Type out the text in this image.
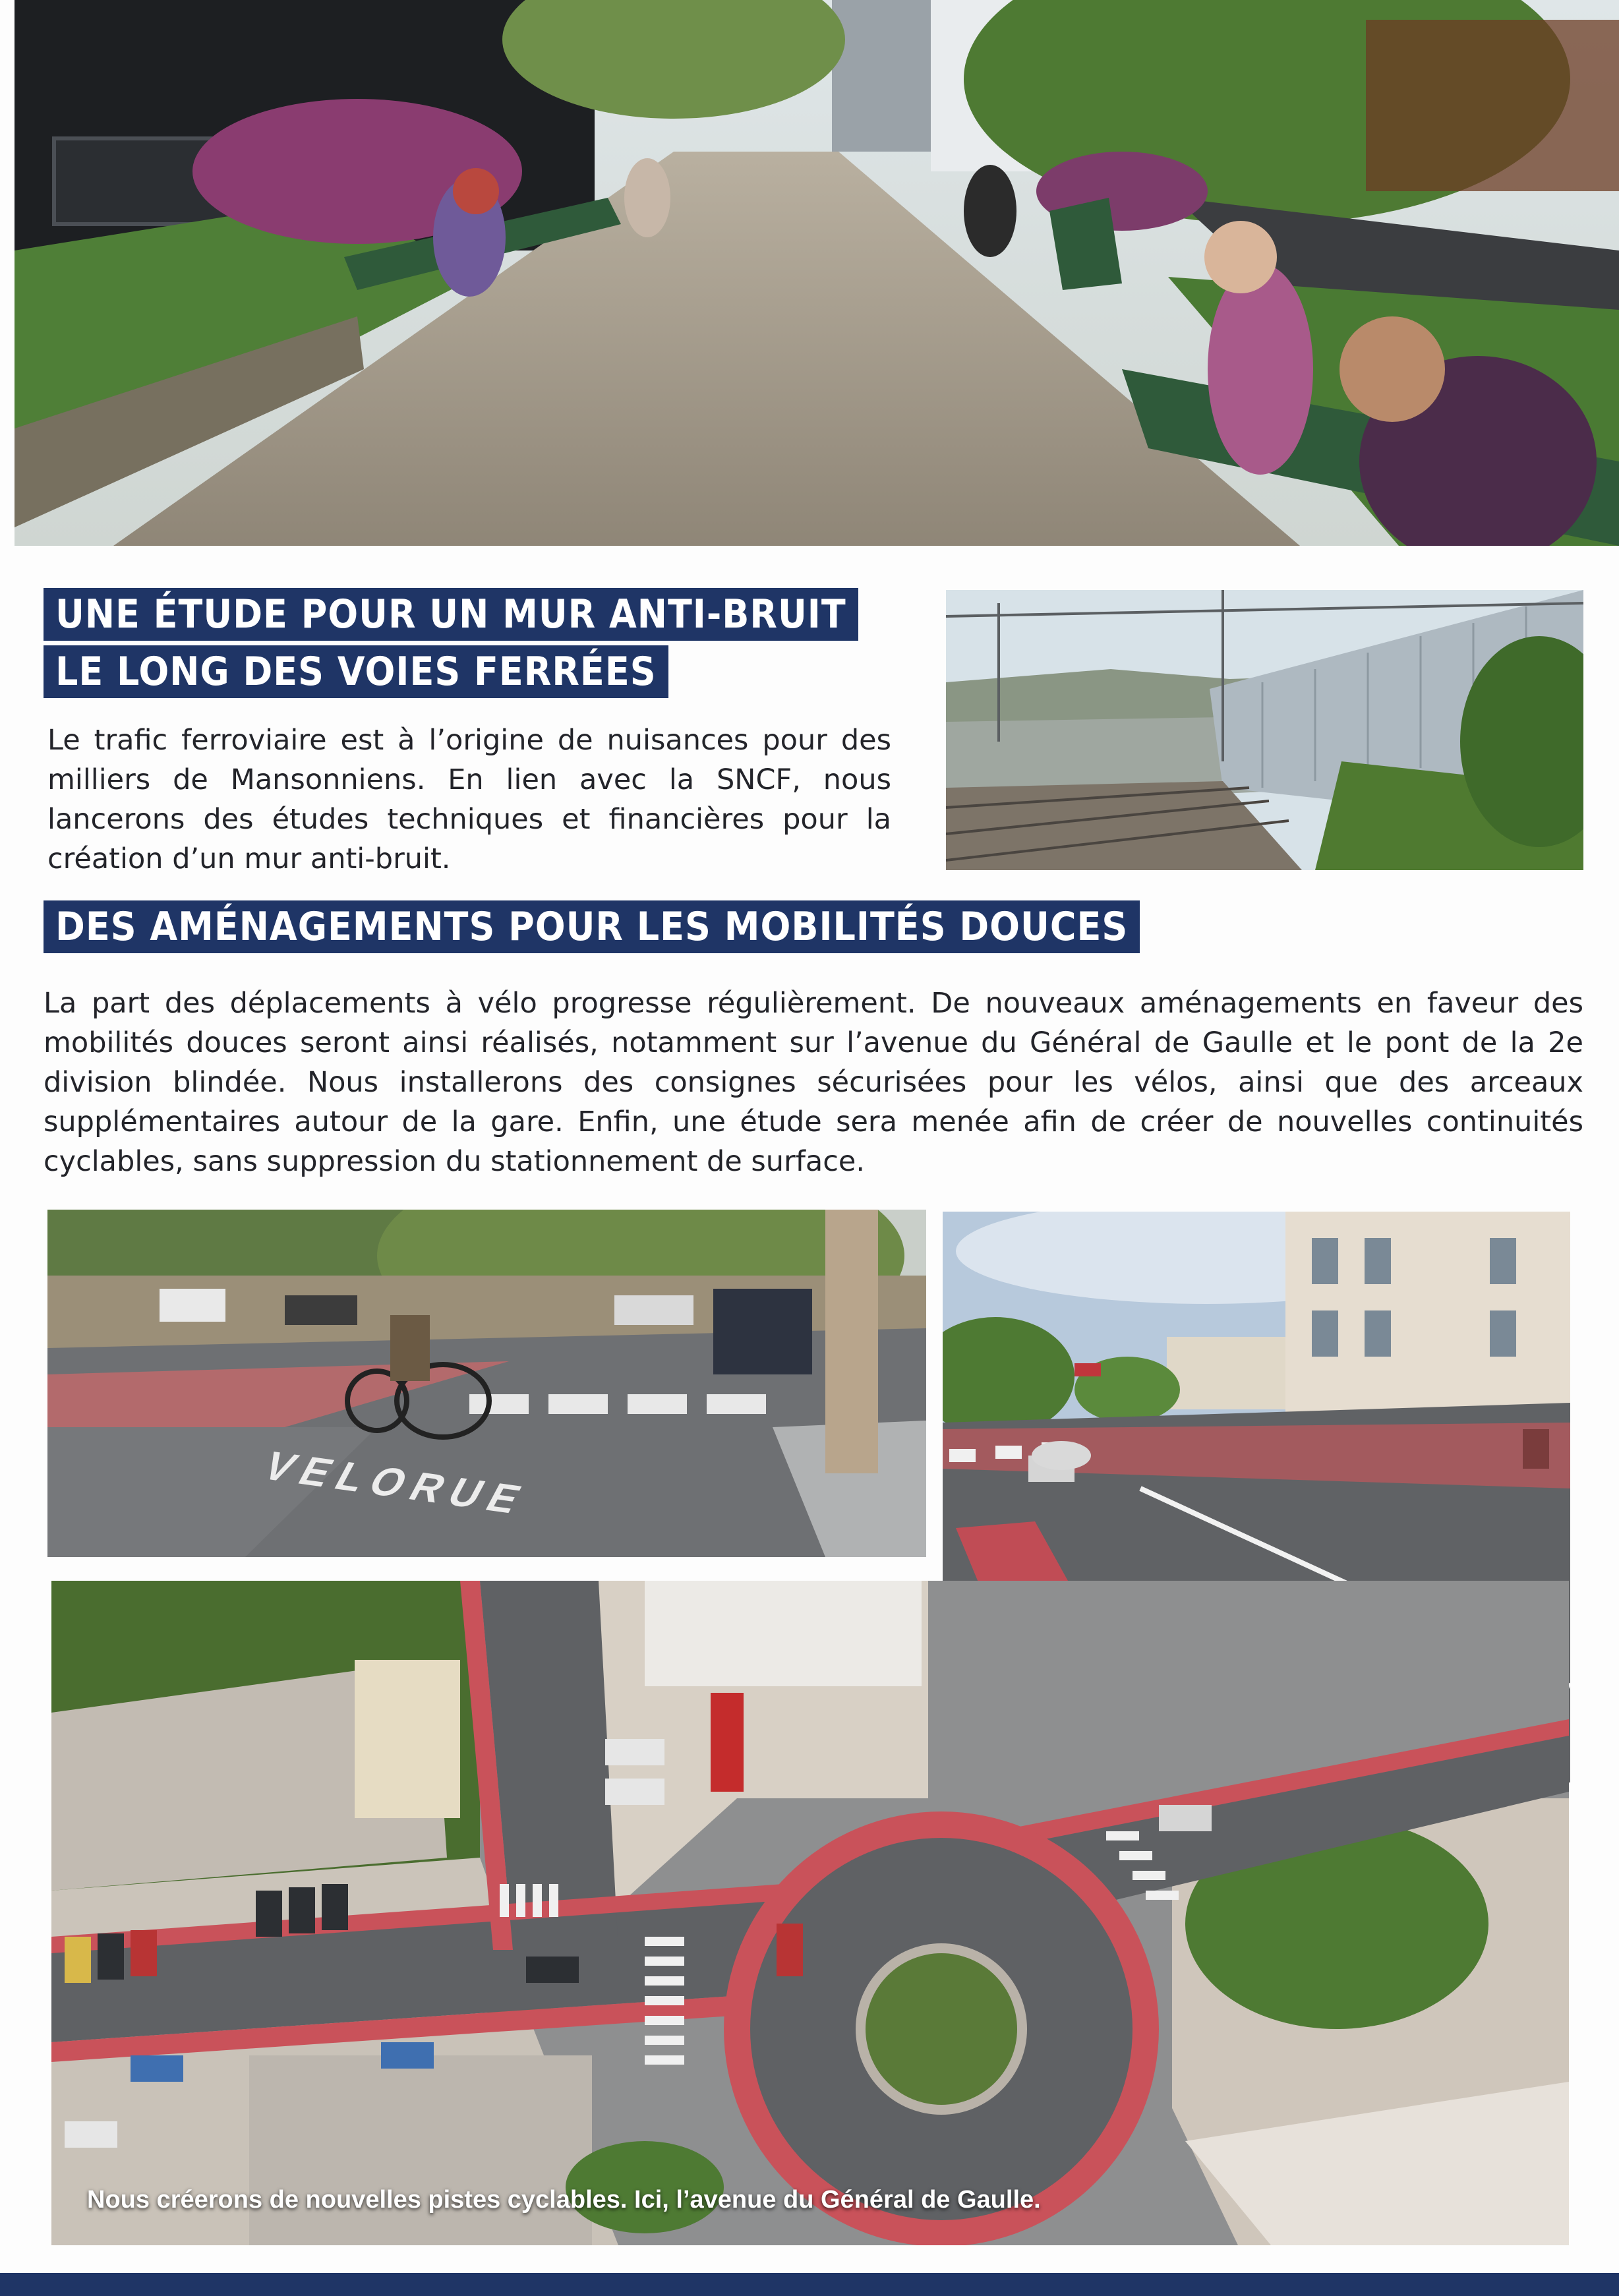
UNE ÉTUDE POUR UN MUR ANTI-BRUIT
LE LONG DES VOIES FERRÉES
Le trafic ferroviaire est à l’origine de nuisances pour des milliers de Mansonniens. En lien avec la SNCF, nous lancerons des études techniques et financières pour la création d’un mur anti-bruit.
DES AMÉNAGEMENTS POUR LES MOBILITÉS DOUCES
La part des déplacements à vélo progresse régulièrement. De nouveaux aménagements en faveur des mobilités douces seront ainsi réalisés, notamment sur l’avenue du Général de Gaulle et le pont de la 2e division blindée. Nous installerons des consignes sécurisées pour les vélos, ainsi que des arceaux supplémentaires autour de la gare. Enfin, une étude sera menée afin de créer de nouvelles continuités cyclables, sans suppression du stationnement de surface.
VELORUE
Nous créerons de nouvelles pistes cyclables. Ici, l’avenue du Général de Gaulle.
